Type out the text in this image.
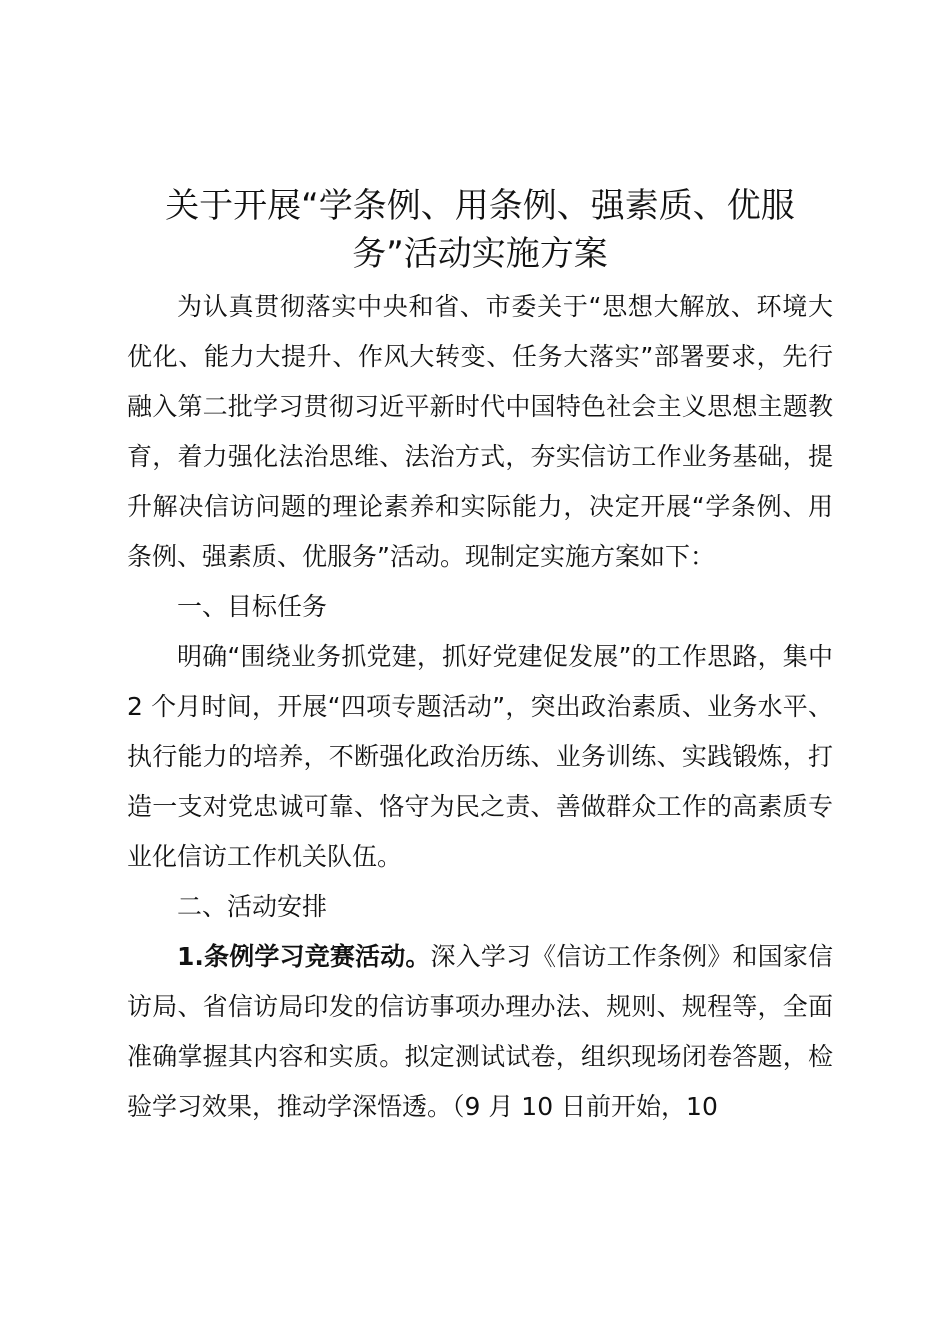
关于开展“学条例、用条例、强素质、优服
务”活动实施方案

为认真贯彻落实中央和省、市委关于“思想大解放、环境大优化、能力大提升、作风大转变、任务大落实”部署要求，先行融入第二批学习贯彻习近平新时代中国特色社会主义思想主题教育，着力强化法治思维、法治方式，夯实信访工作业务基础，提升解决信访问题的理论素养和实际能力，决定开展“学条例、用条例、强素质、优服务”活动。现制定实施方案如下：

一、目标任务

明确“围绕业务抓党建，抓好党建促发展”的工作思路，集中 2 个月时间，开展“四项专题活动”，突出政治素质、业务水平、执行能力的培养，不断强化政治历练、业务训练、实践锻炼，打造一支对党忠诚可靠、恪守为民之责、善做群众工作的高素质专业化信访工作机关队伍。

二、活动安排

1.条例学习竞赛活动。深入学习《信访工作条例》和国家信访局、省信访局印发的信访事项办理办法、规则、规程等，全面准确掌握其内容和实质。拟定测试试卷，组织现场闭卷答题，检验学习效果，推动学深悟透。（9 月 10 日前开始，10
